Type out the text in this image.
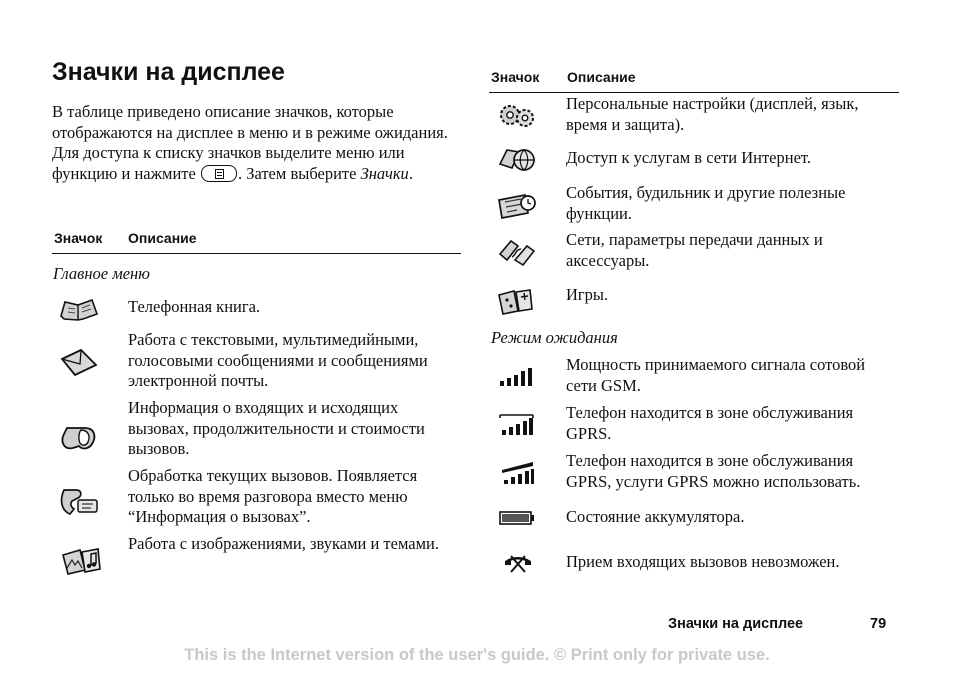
Значки на дисплее

В таблице приведено описание значков, которые отображаются на дисплее в меню и в режиме ожидания.

Для доступа к списку значков выделите меню или функцию и нажмите	. Затем выберите Значки.

Значок Описание
Главное меню
Телефонная книга.
Работа с текстовыми, мультимедийными, голосовыми сообщениями и сообщениями электронной почты.
Информация о входящих и исходящих вызовах, продолжительности и стоимости вызовов.
Обработка текущих вызовов. Появляется только во время разговора вместо меню “Информация о вызовах”.
Работа с изображениями, звуками и темами.
Значок Описание
Персональные настройки (дисплей, язык, время и защита).
Доступ к услугам в сети Интернет.
События, будильник и другие полезные функции.
Сети, параметры передачи данных и аксессуары.
Игры.
Режим ожидания
Мощность принимаемого сигнала сотовой сети GSM.
Телефон находится в зоне обслуживания GPRS.
Телефон находится в зоне обслуживания GPRS, услуги GPRS можно использовать.
Состояние аккумулятора.
Прием входящих вызовов невозможен.
Значки на дисплее	79
This is the Internet version of the user's guide. © Print only for private use.
